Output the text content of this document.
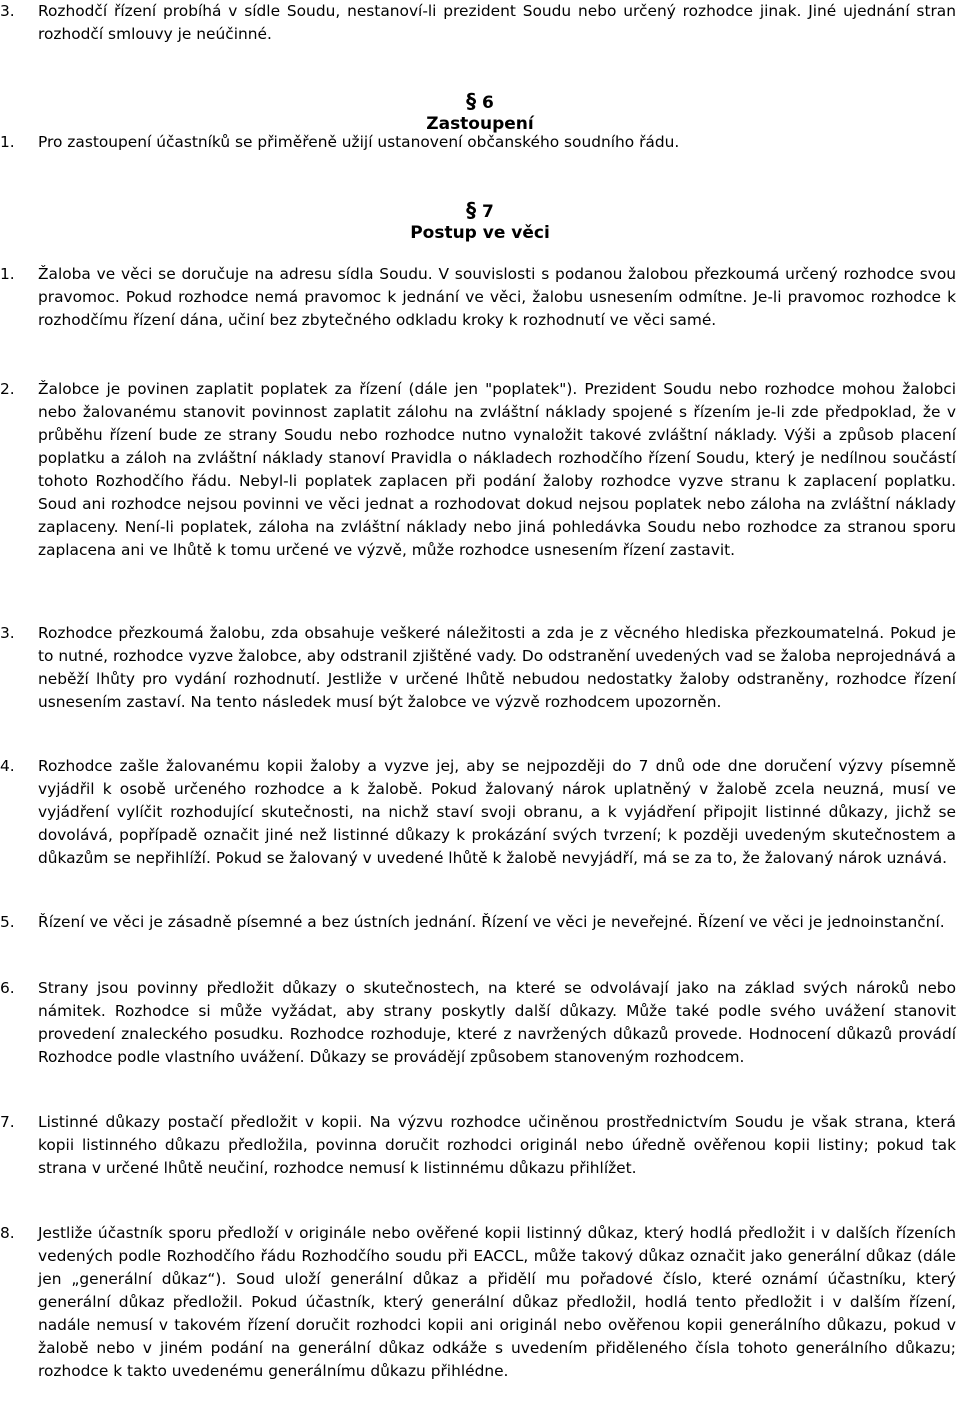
3. Rozhodčí řízení probíhá v sídle Soudu, nestanoví-li prezident Soudu nebo určený rozhodce jinak. Jiné ujednání stran rozhodčí smlouvy je neúčinné.
§ 6
Zastoupení
1. Pro zastoupení účastníků se přiměřeně užijí ustanovení občanského soudního řádu.
§ 7
Postup ve věci
1. Žaloba ve věci se doručuje na adresu sídla Soudu. V souvislosti s podanou žalobou přezkoumá určený rozhodce svou pravomoc. Pokud rozhodce nemá pravomoc k jednání ve věci, žalobu usnesením odmítne. Je-li pravomoc rozhodce k rozhodčímu řízení dána, učiní bez zbytečného odkladu kroky k rozhodnutí ve věci samé.
2. Žalobce je povinen zaplatit poplatek za řízení (dále jen "poplatek"). Prezident Soudu nebo rozhodce mohou žalobci nebo žalovanému stanovit povinnost zaplatit zálohu na zvláštní náklady spojené s řízením je-li zde předpoklad, že v průběhu řízení bude ze strany Soudu nebo rozhodce nutno vynaložit takové zvláštní náklady. Výši a způsob placení poplatku a záloh na zvláštní náklady stanoví Pravidla o nákladech rozhodčího řízení Soudu, který je nedílnou součástí tohoto Rozhodčího řádu. Nebyl-li poplatek zaplacen při podání žaloby rozhodce vyzve stranu k zaplacení poplatku. Soud ani rozhodce nejsou povinni ve věci jednat a rozhodovat dokud nejsou poplatek nebo záloha na zvláštní náklady zaplaceny. Není-li poplatek, záloha na zvláštní náklady nebo jiná pohledávka Soudu nebo rozhodce za stranou sporu zaplacena ani ve lhůtě k tomu určené ve výzvě, může rozhodce usnesením řízení zastavit.
3. Rozhodce přezkoumá žalobu, zda obsahuje veškeré náležitosti a zda je z věcného hlediska přezkoumatelná. Pokud je to nutné, rozhodce vyzve žalobce, aby odstranil zjištěné vady. Do odstranění uvedených vad se žaloba neprojednává a neběží lhůty pro vydání rozhodnutí. Jestliže v určené lhůtě nebudou nedostatky žaloby odstraněny, rozhodce řízení usnesením zastaví. Na tento následek musí být žalobce ve výzvě rozhodcem upozorněn.
4. Rozhodce zašle žalovanému kopii žaloby a vyzve jej, aby se nejpozději do 7 dnů ode dne doručení výzvy písemně vyjádřil k osobě určeného rozhodce a k žalobě. Pokud žalovaný nárok uplatněný v žalobě zcela neuzná, musí ve vyjádření vylíčit rozhodující skutečnosti, na nichž staví svoji obranu, a k vyjádření připojit listinné důkazy, jichž se dovolává, popřípadě označit jiné než listinné důkazy k prokázání svých tvrzení; k později uvedeným skutečnostem a důkazům se nepřihlíží. Pokud se žalovaný v uvedené lhůtě k žalobě nevyjádří, má se za to, že žalovaný nárok uznává.
5. Řízení ve věci je zásadně písemné a bez ústních jednání. Řízení ve věci je neveřejné. Řízení ve věci je jednoinstanční.
6. Strany jsou povinny předložit důkazy o skutečnostech, na které se odvolávají jako na základ svých nároků nebo námitek. Rozhodce si může vyžádat, aby strany poskytly další důkazy. Může také podle svého uvážení stanovit provedení znaleckého posudku. Rozhodce rozhoduje, které z navržených důkazů provede. Hodnocení důkazů provádí Rozhodce podle vlastního uvážení. Důkazy se provádějí způsobem stanoveným rozhodcem.
7. Listinné důkazy postačí předložit v kopii. Na výzvu rozhodce učiněnou prostřednictvím Soudu je však strana, která kopii listinného důkazu předložila, povinna doručit rozhodci originál nebo úředně ověřenou kopii listiny; pokud tak strana v určené lhůtě neučiní, rozhodce nemusí k listinnému důkazu přihlížet.
8. Jestliže účastník sporu předloží v originále nebo ověřené kopii listinný důkaz, který hodlá předložit i v dalších řízeních vedených podle Rozhodčího řádu Rozhodčího soudu při EACCL, může takový důkaz označit jako generální důkaz (dále jen „generální důkaz“). Soud uloží generální důkaz a přidělí mu pořadové číslo, které oznámí účastníku, který generální důkaz předložil. Pokud účastník, který generální důkaz předložil, hodlá tento předložit i v dalším řízení, nadále nemusí v takovém řízení doručit rozhodci kopii ani originál nebo ověřenou kopii generálního důkazu, pokud v žalobě nebo v jiném podání na generální důkaz odkáže s uvedením přiděleného čísla tohoto generálního důkazu; rozhodce k takto uvedenému generálnímu důkazu přihlédne.
